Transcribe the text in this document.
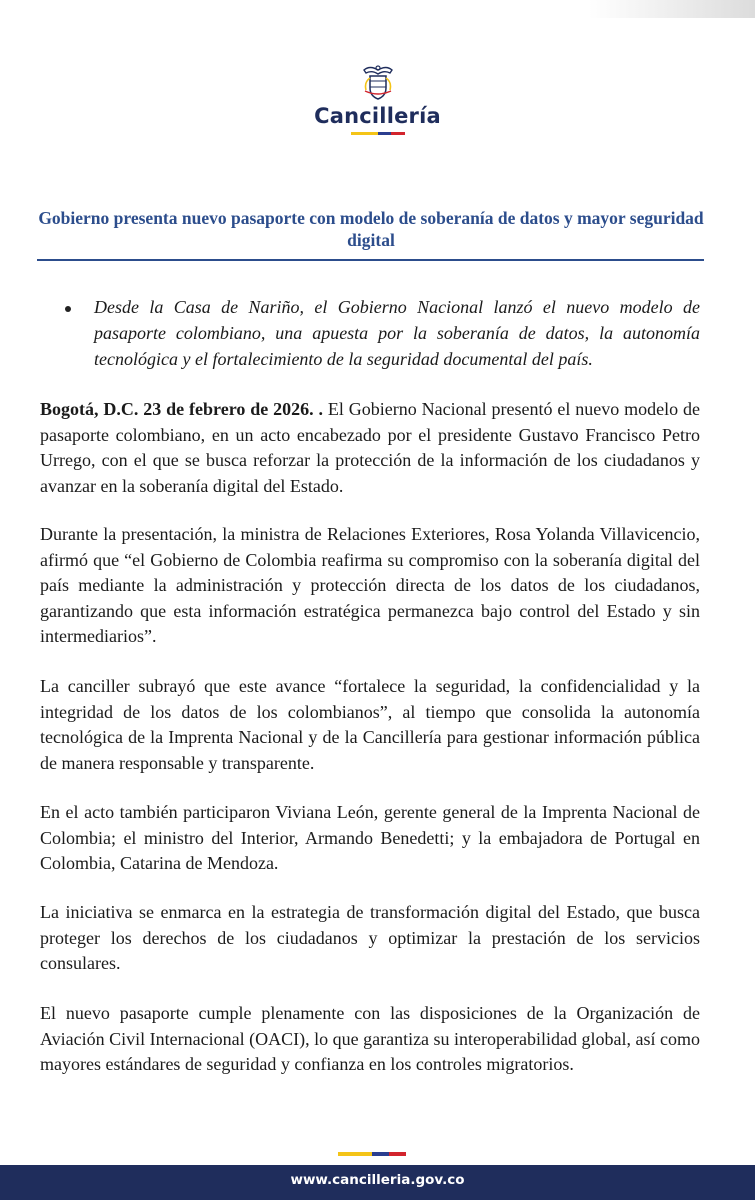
Cancillería
Gobierno presenta nuevo pasaporte con modelo de soberanía de datos y mayor seguridad digital

Desde la Casa de Nariño, el Gobierno Nacional lanzó el nuevo modelo de pasaporte colombiano, una apuesta por la soberanía de datos, la autonomía tecnológica y el fortalecimiento de la seguridad documental del país.

Bogotá, D.C. 23 de febrero de 2026. . El Gobierno Nacional presentó el nuevo modelo de pasaporte colombiano, en un acto encabezado por el presidente Gustavo Francisco Petro Urrego, con el que se busca reforzar la protección de la información de los ciudadanos y avanzar en la soberanía digital del Estado.

Durante la presentación, la ministra de Relaciones Exteriores, Rosa Yolanda Villavicencio, afirmó que “el Gobierno de Colombia reafirma su compromiso con la soberanía digital del país mediante la administración y protección directa de los datos de los ciudadanos, garantizando que esta información estratégica permanezca bajo control del Estado y sin intermediarios”.

La canciller subrayó que este avance “fortalece la seguridad, la confidencialidad y la integridad de los datos de los colombianos”, al tiempo que consolida la autonomía tecnológica de la Imprenta Nacional y de la Cancillería para gestionar información pública de manera responsable y transparente.

En el acto también participaron Viviana León, gerente general de la Imprenta Nacional de Colombia; el ministro del Interior, Armando Benedetti; y la embajadora de Portugal en Colombia, Catarina de Mendoza.

La iniciativa se enmarca en la estrategia de transformación digital del Estado, que busca proteger los derechos de los ciudadanos y optimizar la prestación de los servicios consulares.

El nuevo pasaporte cumple plenamente con las disposiciones de la Organización de Aviación Civil Internacional (OACI), lo que garantiza su interoperabilidad global, así como mayores estándares de seguridad y confianza en los controles migratorios.

www.cancilleria.gov.co
